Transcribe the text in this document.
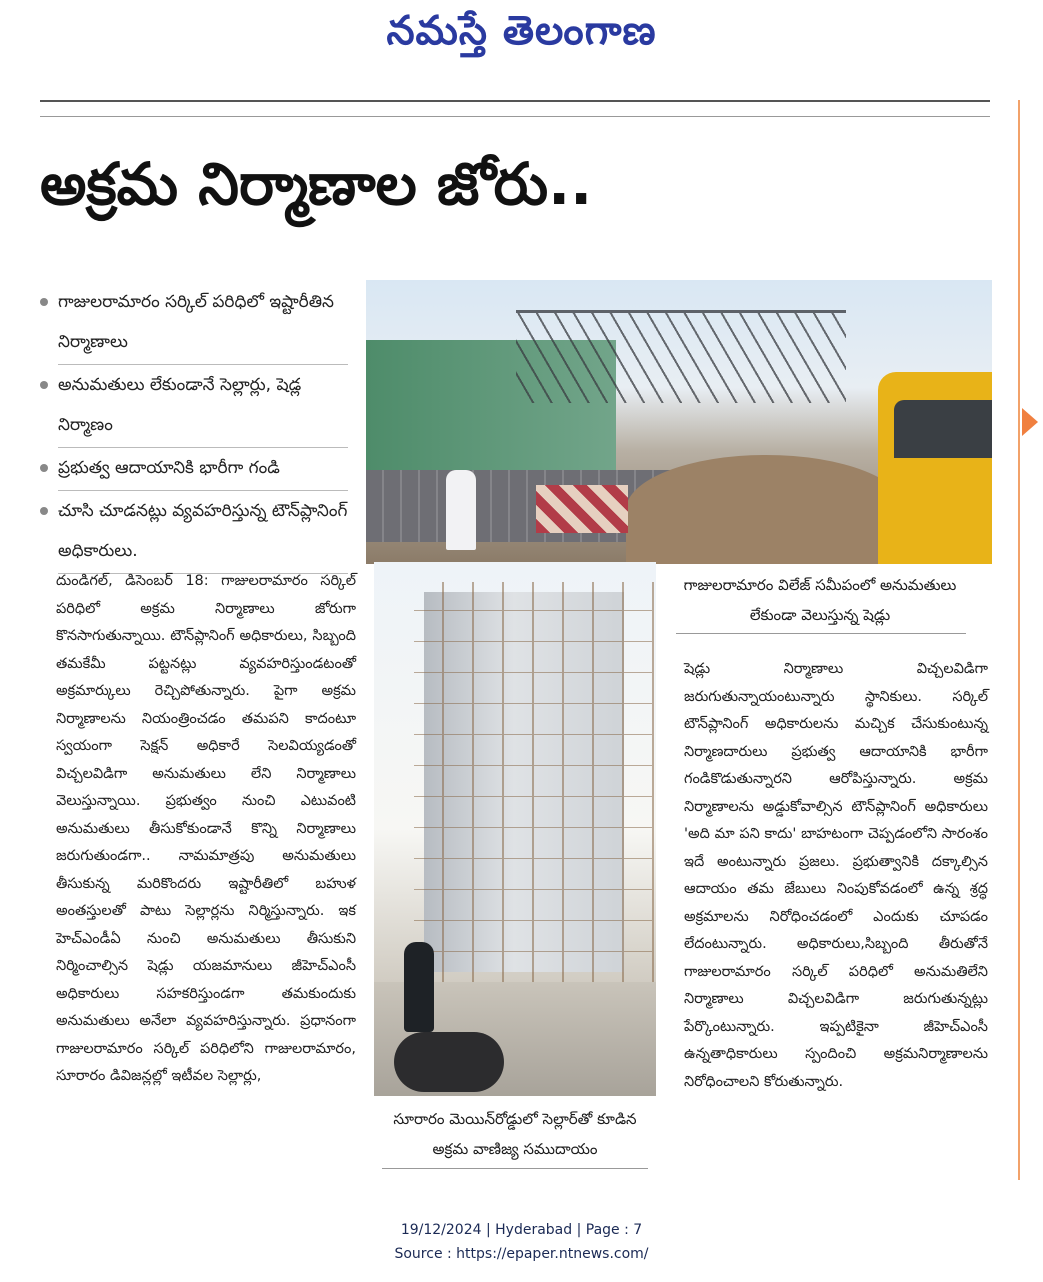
నమస్తే తెలంగాణ
అక్రమ నిర్మాణాల జోరు..
గాజులరామారం సర్కిల్ పరిధిలో ఇష్టారీతిన నిర్మాణాలు
అనుమతులు లేకుండానే సెల్లార్లు, షెడ్ల నిర్మాణం
ప్రభుత్వ ఆదాయానికి భారీగా గండి
చూసి చూడనట్లు వ్యవహరిస్తున్న టౌన్‌ప్లానింగ్ అధికారులు.
గాజులరామారం విలేజ్ సమీపంలో అనుమతులు లేకుండా వెలుస్తున్న షెడ్లు
సూరారం మెయిన్‌రోడ్డులో సెల్లార్‌తో కూడిన అక్రమ వాణిజ్య సముదాయం
దుండిగల్, డిసెంబర్ 18: గాజులరామారం సర్కిల్ పరిధిలో అక్రమ నిర్మాణాలు జోరుగా కొనసాగుతున్నాయి. టౌన్‌ప్లానింగ్ అధికారులు, సిబ్బంది తమకేమీ పట్టనట్లు వ్యవహరిస్తుండటంతో అక్రమార్కులు రెచ్చిపోతున్నారు. పైగా అక్రమ నిర్మాణాలను నియంత్రించడం తమపని కాదంటూ స్వయంగా సెక్షన్ అధికారే సెలవియ్యడంతో విచ్చలవిడిగా అనుమతులు లేని నిర్మాణాలు వెలుస్తున్నాయి. ప్రభుత్వం నుంచి ఎటువంటి అనుమతులు తీసుకోకుండానే కొన్ని నిర్మాణాలు జరుగుతుండగా.. నామమాత్రపు అనుమతులు తీసుకున్న మరికొందరు ఇష్టారీతిలో బహుళ అంతస్తులతో పాటు సెల్లార్లను నిర్మిస్తున్నారు. ఇక హెచ్ఎండీఏ నుంచి అనుమతులు తీసుకుని నిర్మించాల్సిన షెడ్లు యజమానులు జీహెచ్ఎంసీ అధికారులు సహకరిస్తుండగా తమకుందుకు అనుమతులు అనేలా వ్యవహరిస్తున్నారు. ప్రధానంగా గాజులరామారం సర్కిల్ పరిధిలోని గాజులరామారం, సూరారం డివిజన్లల్లో ఇటీవల సెల్లార్లు,
షెడ్లు నిర్మాణాలు విచ్చలవిడిగా జరుగుతున్నాయంటున్నారు స్థానికులు. సర్కిల్ టౌన్‌ప్లానింగ్ అధికారులను మచ్చిక చేసుకుంటున్న నిర్మాణదారులు ప్రభుత్వ ఆదాయానికి భారీగా గండికొడుతున్నారని ఆరోపిస్తున్నారు. అక్రమ నిర్మాణాలను అడ్డుకోవాల్సిన టౌన్‌ప్లానింగ్ అధికారులు 'అది మా పని కాదు' బాహటంగా చెప్పడంలోని సారంశం ఇదే అంటున్నారు ప్రజలు. ప్రభుత్వానికి దక్కాల్సిన ఆదాయం తమ జేబులు నింపుకోవడంలో ఉన్న శ్రద్ధ అక్రమాలను నిరోధించడంలో ఎందుకు చూపడం లేదంటున్నారు. అధికారులు,సిబ్బంది తీరుతోనే గాజులరామారం సర్కిల్ పరిధిలో అనుమతిలేని నిర్మాణాలు విచ్చలవిడిగా జరుగుతున్నట్లు పేర్కొంటున్నారు. ఇప్పటికైనా జీహెచ్ఎంసీ ఉన్నతాధికారులు స్పందించి అక్రమనిర్మాణాలను నిరోధించాలని కోరుతున్నారు.
19/12/2024 | Hyderabad | Page : 7
Source : https://epaper.ntnews.com/
